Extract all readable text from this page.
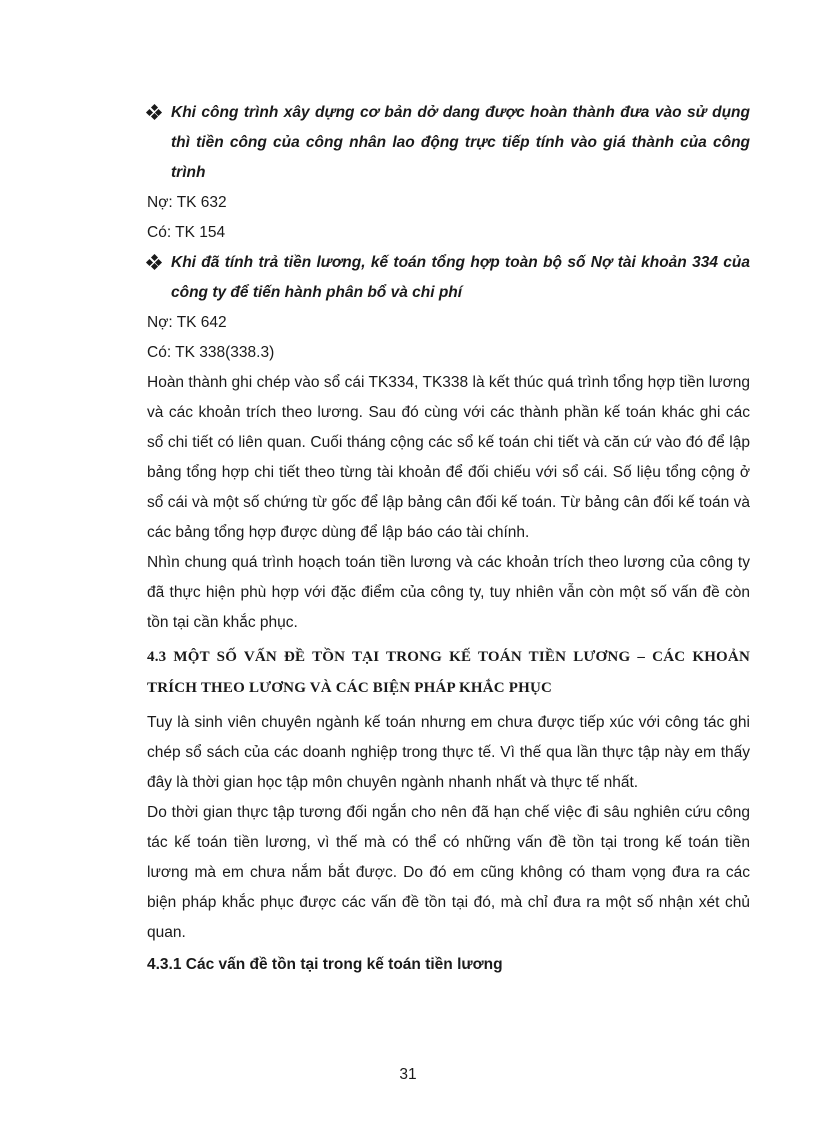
Khi công trình xây dựng cơ bản dở dang được hoàn thành đưa vào sử dụng thì tiền công của công nhân lao động trực tiếp tính vào giá thành của công trình
Nợ: TK 632
Có: TK 154
Khi đã tính trả tiền lương, kế toán tổng hợp toàn bộ số Nợ tài khoản 334 của công ty để tiến hành phân bổ và chi phí
Nợ: TK 642
Có: TK 338(338.3)
Hoàn thành ghi chép vào sổ cái TK334, TK338 là kết thúc quá trình tổng hợp tiền lương và các khoản trích theo lương. Sau đó cùng với các thành phần kế toán khác ghi các sổ chi tiết có liên quan. Cuối tháng cộng các sổ kế toán chi tiết và căn cứ vào đó để lập bảng tổng hợp chi tiết theo từng tài khoản để đối chiếu với sổ cái. Số liệu tổng cộng ở sổ cái và một số chứng từ gốc để lập bảng cân đối kế toán. Từ bảng cân đối kế toán và các bảng tổng hợp được dùng để lập báo cáo tài chính.
Nhìn chung quá trình hoạch toán tiền lương và các khoản trích theo lương của công ty đã thực hiện phù hợp với đặc điểm của công ty, tuy nhiên vẫn còn một số vấn đề còn tồn tại cần khắc phục.
4.3 MỘT SỐ VẤN ĐỀ TỒN TẠI TRONG KẾ TOÁN TIỀN LƯƠNG – CÁC KHOẢN TRÍCH THEO LƯƠNG VÀ CÁC BIỆN PHÁP KHẮC PHỤC
Tuy là sinh viên chuyên ngành kế toán nhưng em chưa được tiếp xúc với công tác ghi chép sổ sách của các doanh nghiệp trong thực tế. Vì thế qua lần thực tập này em thấy đây là thời gian học tập môn chuyên ngành nhanh nhất và thực tế nhất.
Do thời gian thực tập tương đối ngắn cho nên đã hạn chế việc đi sâu nghiên cứu công tác kế toán tiền lương, vì thế mà có thể có những vấn đề tồn tại trong kế toán tiền lương mà em chưa nắm bắt được. Do đó em cũng không có tham vọng đưa ra các biện pháp khắc phục được các vấn đề tồn tại đó, mà chỉ đưa ra một số nhận xét chủ quan.
4.3.1 Các vấn đề tồn tại trong kế toán tiền lương
31
